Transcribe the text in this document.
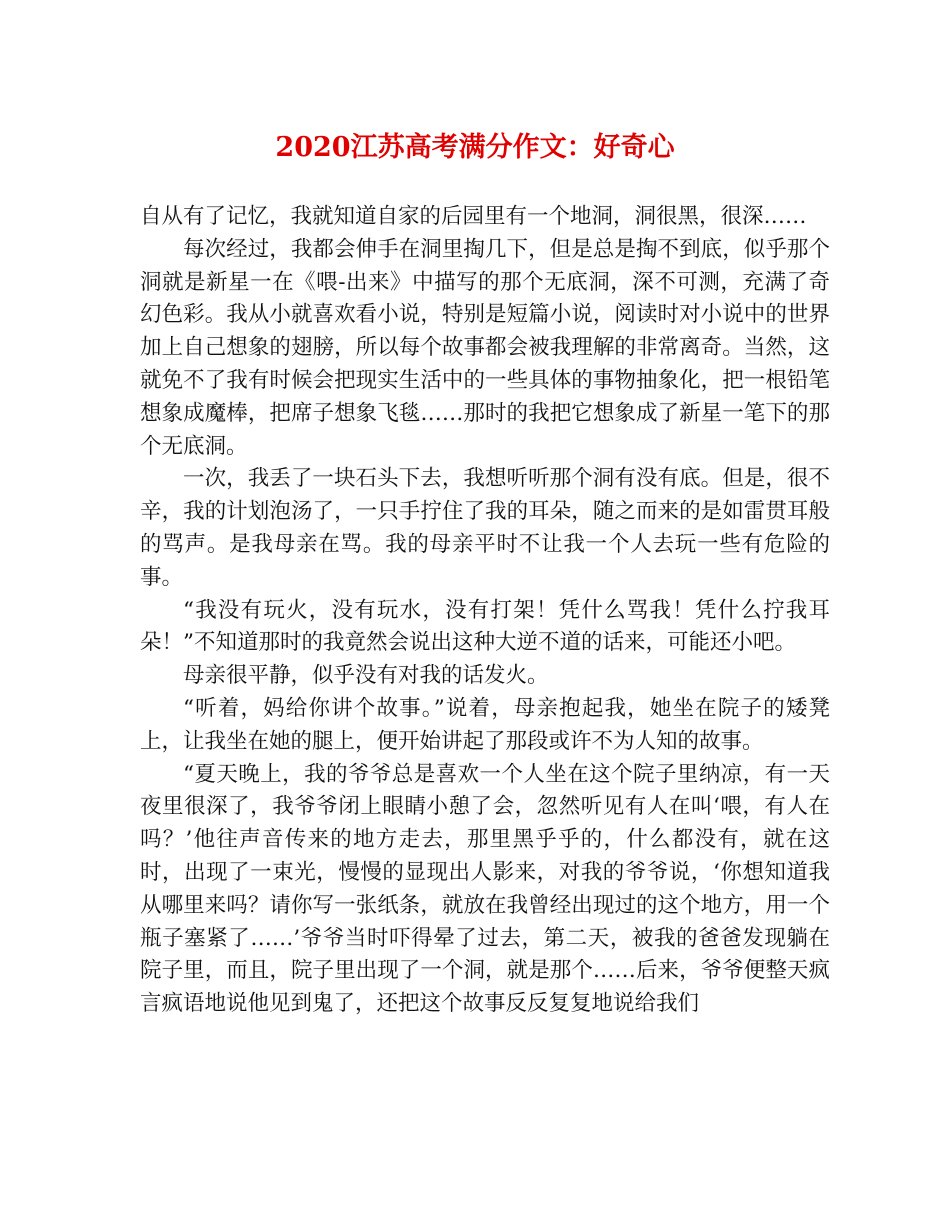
2020江苏高考满分作文：好奇心

自从有了记忆，我就知道自家的后园里有一个地洞，洞很黑，很深……

每次经过，我都会伸手在洞里掏几下，但是总是掏不到底，似乎那个洞就是新星一在《喂-出来》中描写的那个无底洞，深不可测，充满了奇幻色彩。我从小就喜欢看小说，特别是短篇小说，阅读时对小说中的世界加上自己想象的翅膀，所以每个故事都会被我理解的非常离奇。当然，这就免不了我有时候会把现实生活中的一些具体的事物抽象化，把一根铅笔想象成魔棒，把席子想象飞毯……那时的我把它想象成了新星一笔下的那个无底洞。

一次，我丢了一块石头下去，我想听听那个洞有没有底。但是，很不辛，我的计划泡汤了，一只手拧住了我的耳朵，随之而来的是如雷贯耳般的骂声。是我母亲在骂。我的母亲平时不让我一个人去玩一些有危险的事。

“我没有玩火，没有玩水，没有打架！凭什么骂我！凭什么拧我耳朵！”不知道那时的我竟然会说出这种大逆不道的话来，可能还小吧。

母亲很平静，似乎没有对我的话发火。

“听着，妈给你讲个故事。”说着，母亲抱起我，她坐在院子的矮凳上，让我坐在她的腿上，便开始讲起了那段或许不为人知的故事。

“夏天晚上，我的爷爷总是喜欢一个人坐在这个院子里纳凉，有一天夜里很深了，我爷爷闭上眼睛小憩了会，忽然听见有人在叫‘喂，有人在吗？’他往声音传来的地方走去，那里黑乎乎的，什么都没有，就在这时，出现了一束光，慢慢的显现出人影来，对我的爷爷说，‘你想知道我从哪里来吗？请你写一张纸条，就放在我曾经出现过的这个地方，用一个瓶子塞紧了……’爷爷当时吓得晕了过去，第二天，被我的爸爸发现躺在院子里，而且，院子里出现了一个洞，就是那个……后来，爷爷便整天疯言疯语地说他见到鬼了，还把这个故事反反复复地说给我们
